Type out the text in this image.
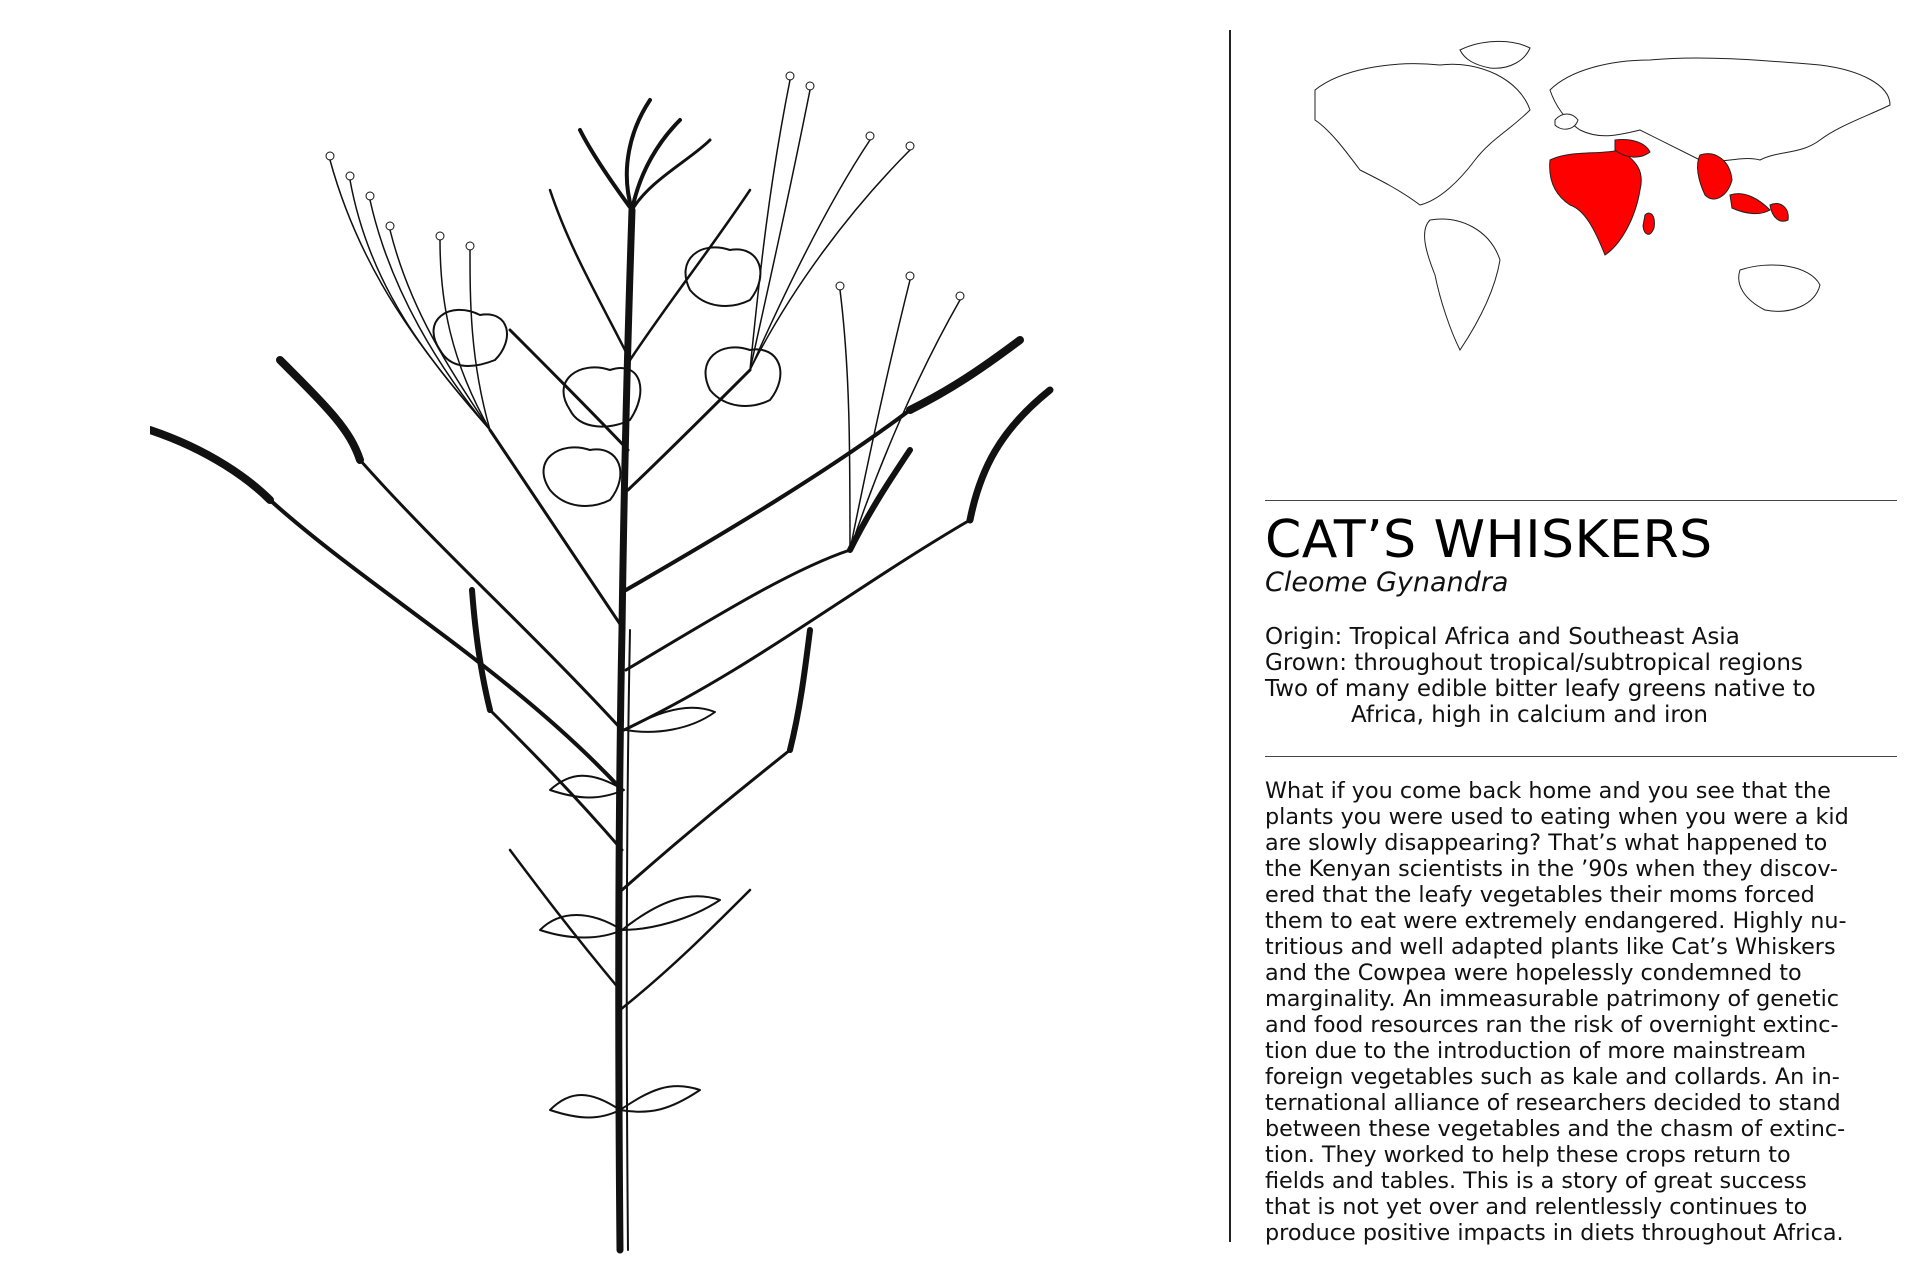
CAT’S WHISKERS
Cleome Gynandra
Origin: Tropical Africa and Southeast Asia
Grown: throughout tropical/subtropical regions
Two of many edible bitter leafy greens native to
Africa, high in calcium and iron

What if you come back home and you see that the
plants you were used to eating when you were a kid
are slowly disappearing? That’s what happened to
the Kenyan scientists in the ’90s when they discov-
ered that the leafy vegetables their moms forced
them to eat were extremely endangered. Highly nu-
tritious and well adapted plants like Cat’s Whiskers
and the Cowpea were hopelessly condemned to
marginality. An immeasurable patrimony of genetic
and food resources ran the risk of overnight extinc-
tion due to the introduction of more mainstream
foreign vegetables such as kale and collards. An in-
ternational alliance of researchers decided to stand
between these vegetables and the chasm of extinc-
tion. They worked to help these crops return to
fields and tables. This is a story of great success
that is not yet over and relentlessly continues to
produce positive impacts in diets throughout Africa.
